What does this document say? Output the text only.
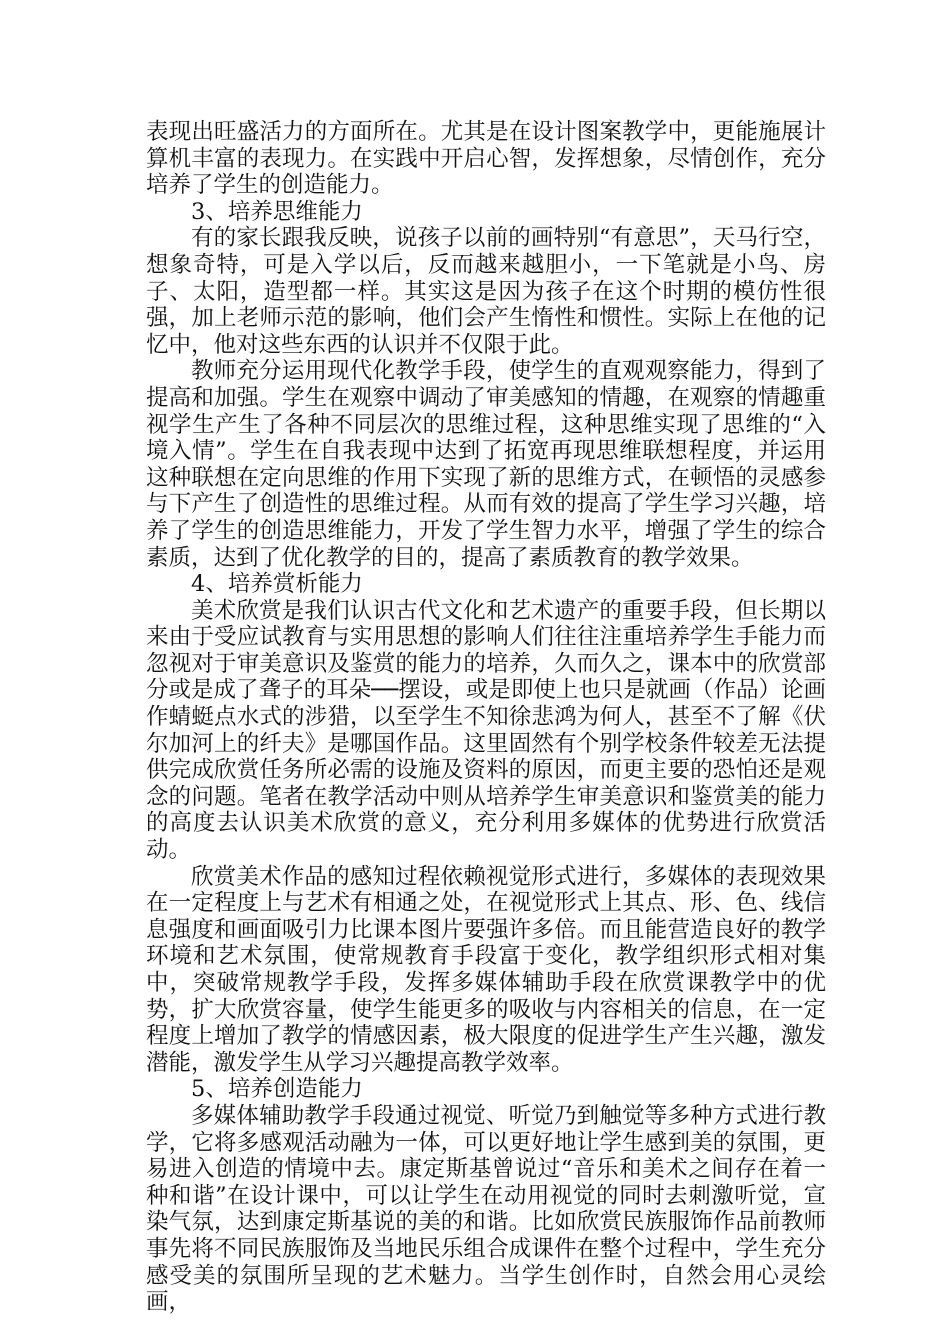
表现出旺盛活力的方面所在。尤其是在设计图案教学中，更能施展计算机丰富的表现力。在实践中开启心智，发挥想象，尽情创作，充分培养了学生的创造能力。

3、培养思维能力

有的家长跟我反映，说孩子以前的画特别“有意思”，天马行空，想象奇特，可是入学以后，反而越来越胆小，一下笔就是小鸟、房子、太阳，造型都一样。其实这是因为孩子在这个时期的模仿性很强，加上老师示范的影响，他们会产生惰性和惯性。实际上在他的记忆中，他对这些东西的认识并不仅限于此。

教师充分运用现代化教学手段，使学生的直观观察能力，得到了提高和加强。学生在观察中调动了审美感知的情趣，在观察的情趣重视学生产生了各种不同层次的思维过程，这种思维实现了思维的“入境入情”。学生在自我表现中达到了拓宽再现思维联想程度，并运用这种联想在定向思维的作用下实现了新的思维方式，在顿悟的灵感参与下产生了创造性的思维过程。从而有效的提高了学生学习兴趣，培养了学生的创造思维能力，开发了学生智力水平，增强了学生的综合素质，达到了优化教学的目的，提高了素质教育的教学效果。

4、培养赏析能力

美术欣赏是我们认识古代文化和艺术遗产的重要手段，但长期以来由于受应试教育与实用思想的影响人们往往注重培养学生手能力而忽视对于审美意识及鉴赏的能力的培养，久而久之，课本中的欣赏部分或是成了聋子的耳朵──摆设，或是即使上也只是就画（作品）论画作蜻蜓点水式的涉猎，以至学生不知徐悲鸿为何人，甚至不了解《伏尔加河上的纤夫》是哪国作品。这里固然有个别学校条件较差无法提供完成欣赏任务所必需的设施及资料的原因，而更主要的恐怕还是观念的问题。笔者在教学活动中则从培养学生审美意识和鉴赏美的能力的高度去认识美术欣赏的意义，充分利用多媒体的优势进行欣赏活动。

欣赏美术作品的感知过程依赖视觉形式进行，多媒体的表现效果在一定程度上与艺术有相通之处，在视觉形式上其点、形、色、线信息强度和画面吸引力比课本图片要强许多倍。而且能营造良好的教学环境和艺术氛围，使常规教育手段富于变化，教学组织形式相对集中，突破常规教学手段，发挥多媒体辅助手段在欣赏课教学中的优势，扩大欣赏容量，使学生能更多的吸收与内容相关的信息，在一定程度上增加了教学的情感因素，极大限度的促进学生产生兴趣，激发潜能，激发学生从学习兴趣提高教学效率。

5、培养创造能力

多媒体辅助教学手段通过视觉、听觉乃到触觉等多种方式进行教学，它将多感观活动融为一体，可以更好地让学生感到美的氛围，更易进入创造的情境中去。康定斯基曾说过“音乐和美术之间存在着一种和谐”在设计课中，可以让学生在动用视觉的同时去刺激听觉，宣染气氛，达到康定斯基说的美的和谐。比如欣赏民族服饰作品前教师事先将不同民族服饰及当地民乐组合成课件在整个过程中，学生充分感受美的氛围所呈现的艺术魅力。当学生创作时，自然会用心灵绘画，
